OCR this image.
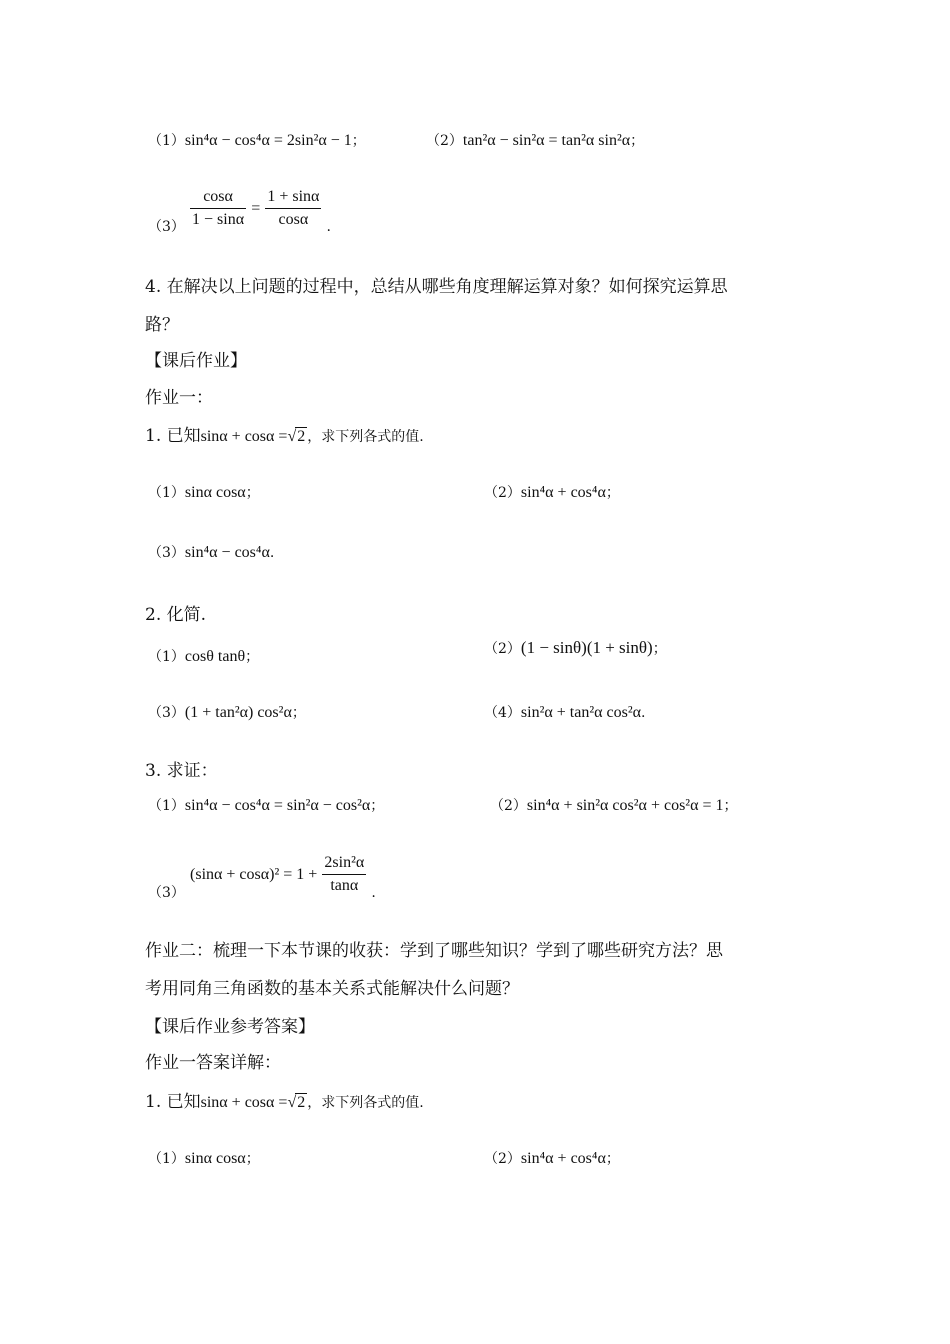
（1）sin⁴α − cos⁴α = 2sin²α − 1；	（2）tan²α − sin²α = tan²α sin²α；
$(3) \frac{\cos\alpha}{1 - \sin\alpha} = \frac{1 + \sin\alpha}{\cos\alpha}$ .
4. 在解决以上问题的过程中，总结从哪些角度理解运算对象？如何探究运算思
路？
【课后作业】
作业一：
1. 已知sinα + cosα =√2 ，求下列各式的值.
（1）sinα cosα；	（2）sin⁴α + cos⁴α；
（3）sin⁴α − cos⁴α.
2. 化简.
（1）cosθ tanθ；	（2）(1 − sinθ)(1 + sinθ)；
（3）(1 + tan²α) cos²α；	（4）sin²α + tan²α cos²α.
3. 求证：
（1）sin⁴α − cos⁴α = sin²α − cos²α；	（2）sin⁴α + sin²α cos²α + cos²α = 1；
（3） $(\sin\alpha + \cos\alpha)^2 = 1 + \frac{\text{2sin²α}}{\tan\alpha}$ .
作业二：梳理一下本节课的收获：学到了哪些知识？学到了哪些研究方法？思
考用同角三角函数的基本关系式能解决什么问题？
【课后作业参考答案】
作业一答案详解：
1. 已知sinα + cosα =√2 ，求下列各式的值.
（1）sinα cosα；	（2）sin⁴α + cos⁴α；
